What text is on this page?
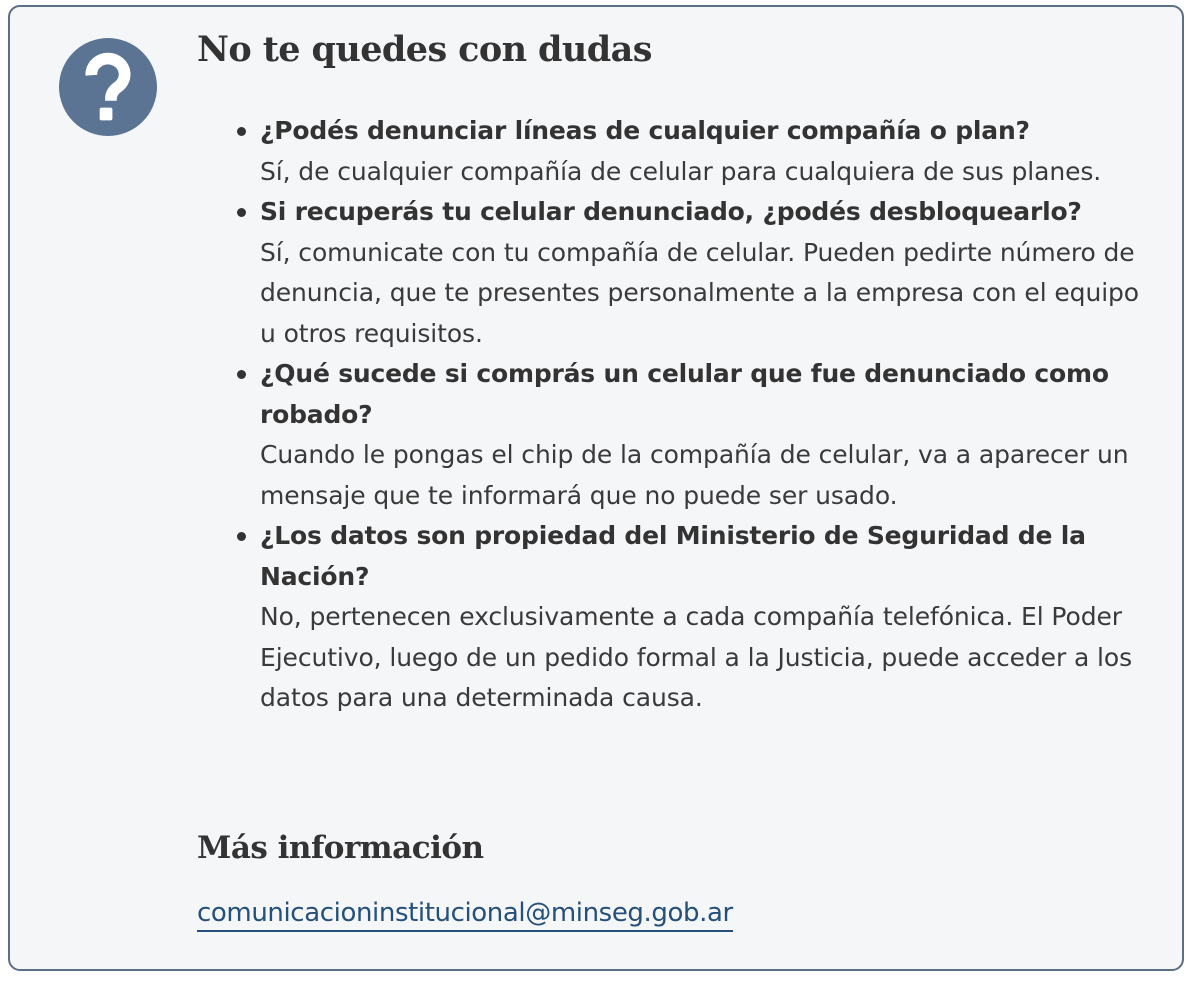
No te quedes con dudas
¿Podés denunciar líneas de cualquier compañía o plan?
Sí, de cualquier compañía de celular para cualquiera de sus planes.
Si recuperás tu celular denunciado, ¿podés desbloquearlo?
Sí, comunicate con tu compañía de celular. Pueden pedirte número de denuncia, que te presentes personalmente a la empresa con el equipo u otros requisitos.
¿Qué sucede si comprás un celular que fue denunciado como robado?
Cuando le pongas el chip de la compañía de celular, va a aparecer un mensaje que te informará que no puede ser usado.
¿Los datos son propiedad del Ministerio de Seguridad de la Nación?
No, pertenecen exclusivamente a cada compañía telefónica. El Poder Ejecutivo, luego de un pedido formal a la Justicia, puede acceder a los datos para una determinada causa.
Más información
comunicacioninstitucional@minseg.gob.ar
